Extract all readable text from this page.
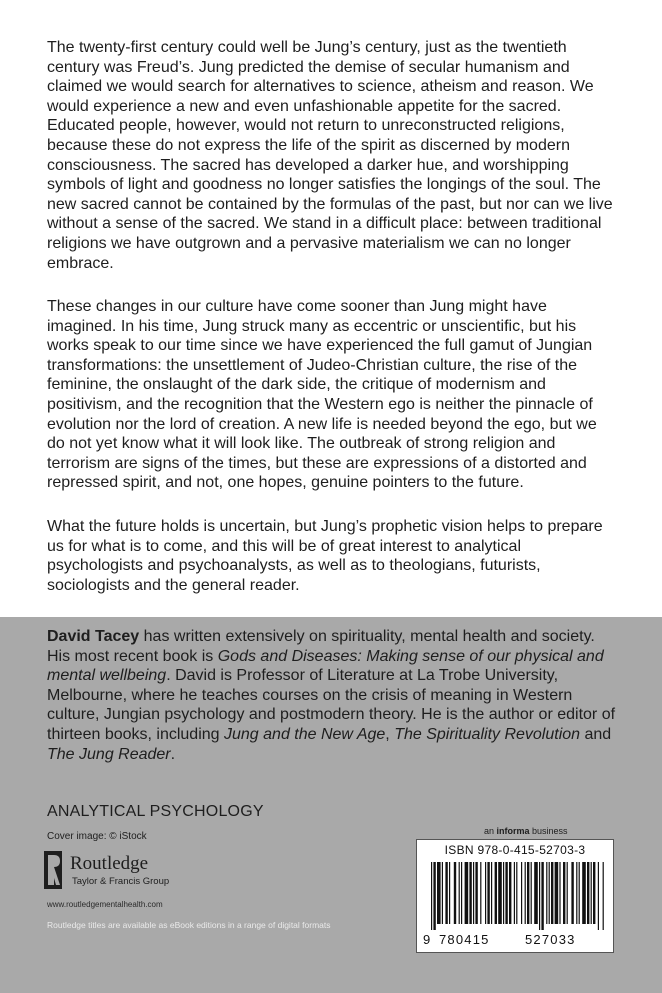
The twenty-first century could well be Jung’s century, just as the twentieth century was Freud’s. Jung predicted the demise of secular humanism and claimed we would search for alternatives to science, atheism and reason. We would experience a new and even unfashionable appetite for the sacred. Educated people, however, would not return to unreconstructed religions, because these do not express the life of the spirit as discerned by modern consciousness. The sacred has developed a darker hue, and worshipping symbols of light and goodness no longer satisfies the longings of the soul. The new sacred cannot be contained by the formulas of the past, but nor can we live without a sense of the sacred. We stand in a difficult place: between traditional religions we have outgrown and a pervasive materialism we can no longer embrace.

These changes in our culture have come sooner than Jung might have imagined. In his time, Jung struck many as eccentric or unscientific, but his works speak to our time since we have experienced the full gamut of Jungian transformations: the unsettlement of Judeo-Christian culture, the rise of the feminine, the onslaught of the dark side, the critique of modernism and positivism, and the recognition that the Western ego is neither the pinnacle of evolution nor the lord of creation. A new life is needed beyond the ego, but we do not yet know what it will look like. The outbreak of strong religion and terrorism are signs of the times, but these are expressions of a distorted and repressed spirit, and not, one hopes, genuine pointers to the future.

What the future holds is uncertain, but Jung’s prophetic vision helps to prepare us for what is to come, and this will be of great interest to analytical psychologists and psychoanalysts, as well as to theologians, futurists, sociologists and the general reader.

David Tacey has written extensively on spirituality, mental health and society. His most recent book is Gods and Diseases: Making sense of our physical and mental wellbeing. David is Professor of Literature at La Trobe University, Melbourne, where he teaches courses on the crisis of meaning in Western culture, Jungian psychology and postmodern theory. He is the author or editor of thirteen books, including Jung and the New Age, The Spirituality Revolution and The Jung Reader.

ANALYTICAL PSYCHOLOGY
Cover image: © iStock
Routledge
Taylor & Francis Group
www.routledgementalhealth.com
Routledge titles are available as eBook editions in a range of digital formats
an informa business
ISBN 978-0-415-52703-3
9 780415	527033
